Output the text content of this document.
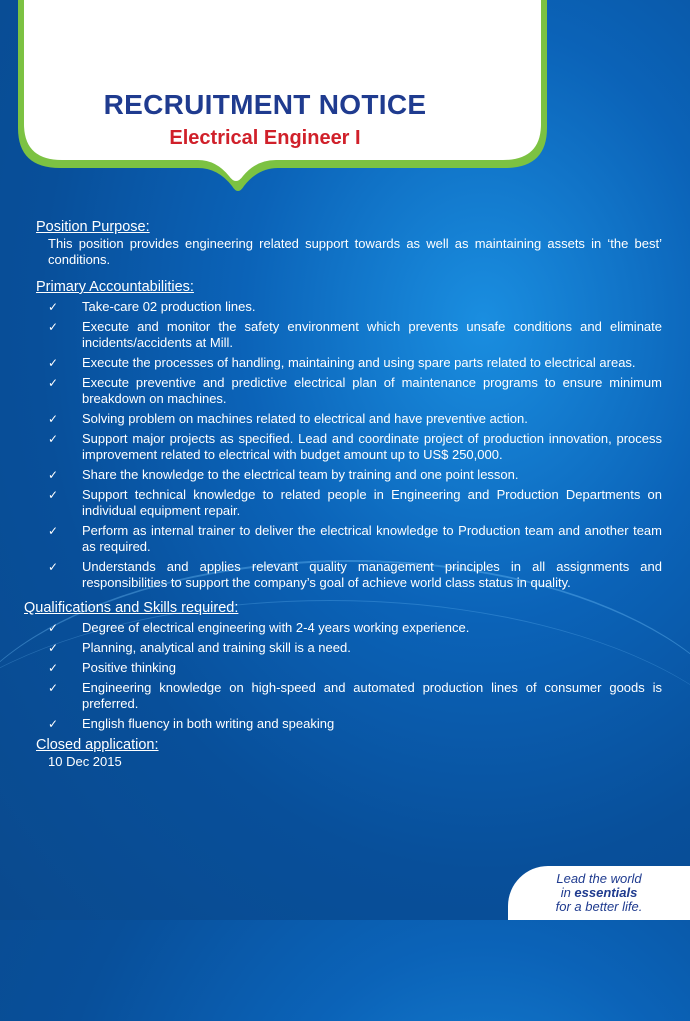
RECRUITMENT NOTICE
Electrical Engineer I
Position Purpose:
This position provides engineering related support towards as well as maintaining assets in ‘the best’ conditions.
Primary Accountabilities:
✓ Take-care 02 production lines.
✓ Execute and monitor the safety environment which prevents unsafe conditions and eliminate incidents/accidents at Mill.
✓ Execute the processes of handling, maintaining and using spare parts related to electrical areas.
✓ Execute preventive and predictive electrical plan of maintenance programs to ensure minimum breakdown on machines.
✓ Solving problem on machines related to electrical and have preventive action.
✓ Support major projects as specified. Lead and coordinate project of production innovation, process improvement related to electrical with budget amount up to US$ 250,000.
✓ Share the knowledge to the electrical team by training and one point lesson.
✓ Support technical knowledge to related people in Engineering and Production Departments on individual equipment repair.
✓ Perform as internal trainer to deliver the electrical knowledge to Production team and another team as required.
✓ Understands and applies relevant quality management principles in all assignments and responsibilities to support the company’s goal of achieve world class status in quality.
Qualifications and Skills required:
✓ Degree of electrical engineering with 2-4 years working experience.
✓ Planning, analytical and training skill is a need.
✓ Positive thinking
✓ Engineering knowledge on high-speed and automated production lines of consumer goods is preferred.
✓ English fluency in both writing and speaking
Closed application:
10 Dec 2015
Lead the world
in essentials
for a better life.
